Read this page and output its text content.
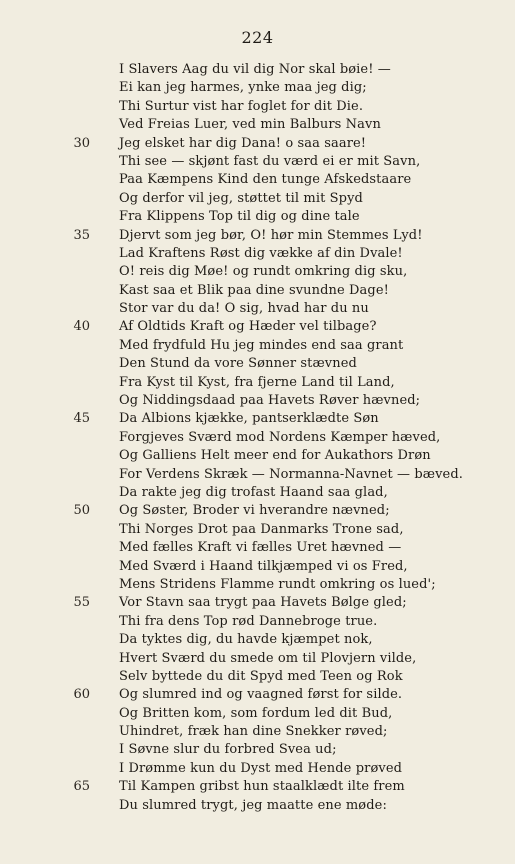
224
I Slavers Aag du vil dig Nor skal bøie! —
Ei kan jeg harmes, ynke maa jeg dig;
Thi Surtur vist har foglet for dit Die.
Ved Freias Luer, ved min Balburs Navn
30 Jeg elsket har dig Dana! o saa saare!
Thi see — skjønt fast du værd ei er mit Savn,
Paa Kæmpens Kind den tunge Afskedstaare
Og derfor vil jeg, støttet til mit Spyd
Fra Klippens Top til dig og dine tale
35 Djervt som jeg bør, O! hør min Stemmes Lyd!
Lad Kraftens Røst dig vække af din Dvale!
O! reis dig Møe! og rundt omkring dig sku,
Kast saa et Blik paa dine svundne Dage!
Stor var du da! O sig, hvad har du nu
40 Af Oldtids Kraft og Hæder vel tilbage?
Med frydfuld Hu jeg mindes end saa grant
Den Stund da vore Sønner stævned
Fra Kyst til Kyst, fra fjerne Land til Land,
Og Niddingsdaad paa Havets Røver hævned;
45 Da Albions kjække, pantserklædte Søn
Forgjeves Sværd mod Nordens Kæmper hæved,
Og Galliens Helt meer end for Aukathors Drøn
For Verdens Skræk — Normanna-Navnet — bæved.
Da rakte jeg dig trofast Haand saa glad,
50 Og Søster, Broder vi hverandre nævned;
Thi Norges Drot paa Danmarks Trone sad,
Med fælles Kraft vi fælles Uret hævned —
Med Sværd i Haand tilkjæmped vi os Fred,
Mens Stridens Flamme rundt omkring os lued';
55 Vor Stavn saa trygt paa Havets Bølge gled;
Thi fra dens Top rød Dannebroge true.
Da tyktes dig, du havde kjæmpet nok,
Hvert Sværd du smede om til Plovjern vilde,
Selv byttede du dit Spyd med Teen og Rok
60 Og slumred ind og vaagned først for silde.
Og Britten kom, som fordum led dit Bud,
Uhindret, fræk han dine Snekker røved;
I Søvne slur du forbred Svea ud;
I Drømme kun du Dyst med Hende prøved
65 Til Kampen gribst hun staalklædt ilte frem
Du slumred trygt, jeg maatte ene møde:
